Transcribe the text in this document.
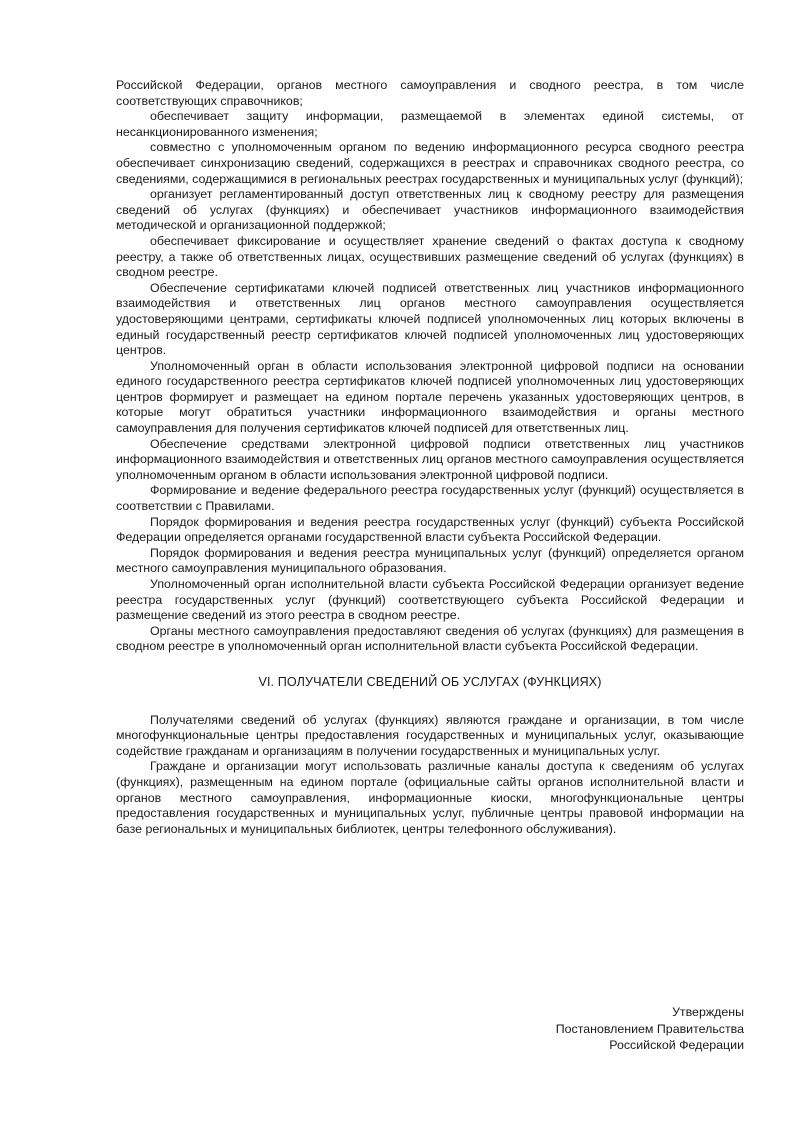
Российской Федерации, органов местного самоуправления и сводного реестра, в том числе соответствующих справочников;

обеспечивает защиту информации, размещаемой в элементах единой системы, от несанкционированного изменения;

совместно с уполномоченным органом по ведению информационного ресурса сводного реестра обеспечивает синхронизацию сведений, содержащихся в реестрах и справочниках сводного реестра, со сведениями, содержащимися в региональных реестрах государственных и муниципальных услуг (функций);

организует регламентированный доступ ответственных лиц к сводному реестру для размещения сведений об услугах (функциях) и обеспечивает участников информационного взаимодействия методической и организационной поддержкой;

обеспечивает фиксирование и осуществляет хранение сведений о фактах доступа к сводному реестру, а также об ответственных лицах, осуществивших размещение сведений об услугах (функциях) в сводном реестре.

Обеспечение сертификатами ключей подписей ответственных лиц участников информационного взаимодействия и ответственных лиц органов местного самоуправления осуществляется удостоверяющими центрами, сертификаты ключей подписей уполномоченных лиц которых включены в единый государственный реестр сертификатов ключей подписей уполномоченных лиц удостоверяющих центров.

Уполномоченный орган в области использования электронной цифровой подписи на основании единого государственного реестра сертификатов ключей подписей уполномоченных лиц удостоверяющих центров формирует и размещает на едином портале перечень указанных удостоверяющих центров, в которые могут обратиться участники информационного взаимодействия и органы местного самоуправления для получения сертификатов ключей подписей для ответственных лиц.

Обеспечение средствами электронной цифровой подписи ответственных лиц участников информационного взаимодействия и ответственных лиц органов местного самоуправления осуществляется уполномоченным органом в области использования электронной цифровой подписи.

Формирование и ведение федерального реестра государственных услуг (функций) осуществляется в соответствии с Правилами.

Порядок формирования и ведения реестра государственных услуг (функций) субъекта Российской Федерации определяется органами государственной власти субъекта Российской Федерации.

Порядок формирования и ведения реестра муниципальных услуг (функций) определяется органом местного самоуправления муниципального образования.

Уполномоченный орган исполнительной власти субъекта Российской Федерации организует ведение реестра государственных услуг (функций) соответствующего субъекта Российской Федерации и размещение сведений из этого реестра в сводном реестре.

Органы местного самоуправления предоставляют сведения об услугах (функциях) для размещения в сводном реестре в уполномоченный орган исполнительной власти субъекта Российской Федерации.

VI. ПОЛУЧАТЕЛИ СВЕДЕНИЙ ОБ УСЛУГАХ (ФУНКЦИЯХ)

Получателями сведений об услугах (функциях) являются граждане и организации, в том числе многофункциональные центры предоставления государственных и муниципальных услуг, оказывающие содействие гражданам и организациям в получении государственных и муниципальных услуг.

Граждане и организации могут использовать различные каналы доступа к сведениям об услугах (функциях), размещенным на едином портале (официальные сайты органов исполнительной власти и органов местного самоуправления, информационные киоски, многофункциональные центры предоставления государственных и муниципальных услуг, публичные центры правовой информации на базе региональных и муниципальных библиотек, центры телефонного обслуживания).

Утверждены
Постановлением Правительства
Российской Федерации
